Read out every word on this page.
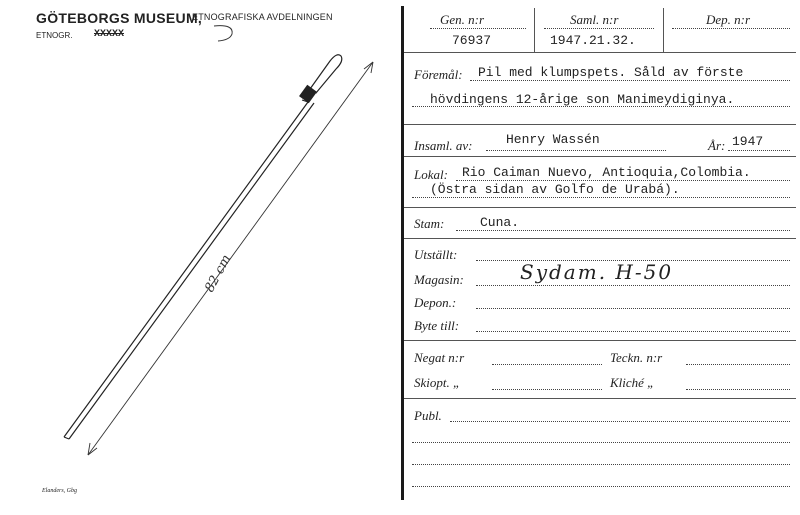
GÖTEBORGS MUSEUM,
ETNOGRAFISKA AVDELNINGEN
ETNOGR. XXXXX
82 cm
Elanders, Gbg
Gen. n:r
76937
Saml. n:r
1947.21.32.
Dep. n:r
Föremål: Pil med klumpspets. Såld av förste
hövdingens 12-årige son Manimeydiginya.
Insaml. av:	Henry Wassén	År: 1947
Lokal: Rio Caiman Nuevo, Antioquia,Colombia.
(Östra sidan av Golfo de Urabá).
Stam:	Cuna.
Utställt:
Magasin:	Sydam. H-50
Depon.:
Byte till:
Negat n:r	Teckn. n:r
Skiopt. „	Kliché „
Publ.
